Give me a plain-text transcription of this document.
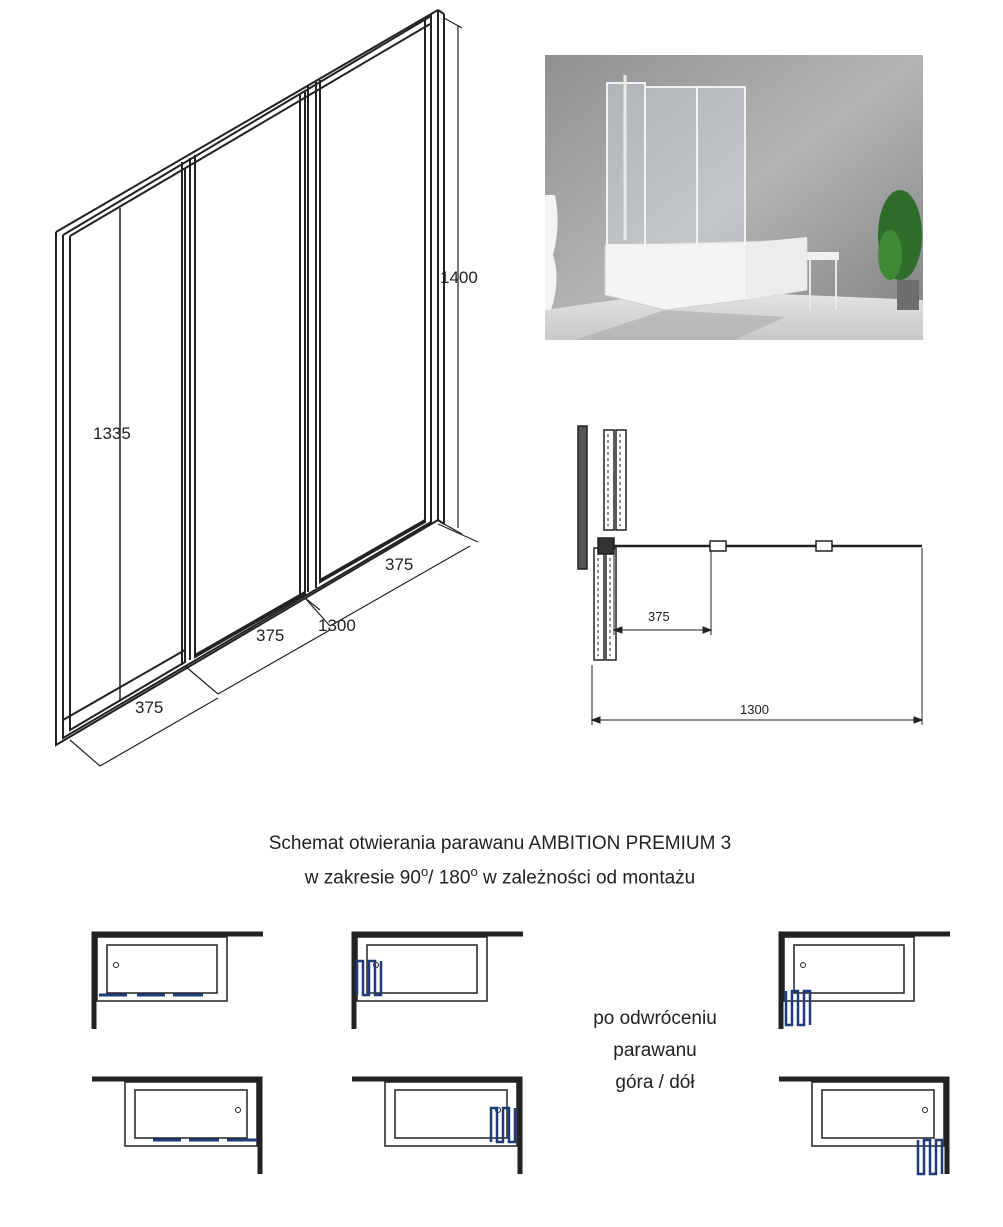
1400
1335
1300
375
375
375
375
1300
Schemat otwierania parawanu AMBITION PREMIUM 3
w zakresie 90$^o$/ 180$^o$ w zależności od montażu
po odwróceniu
parawanu
góra / dół
